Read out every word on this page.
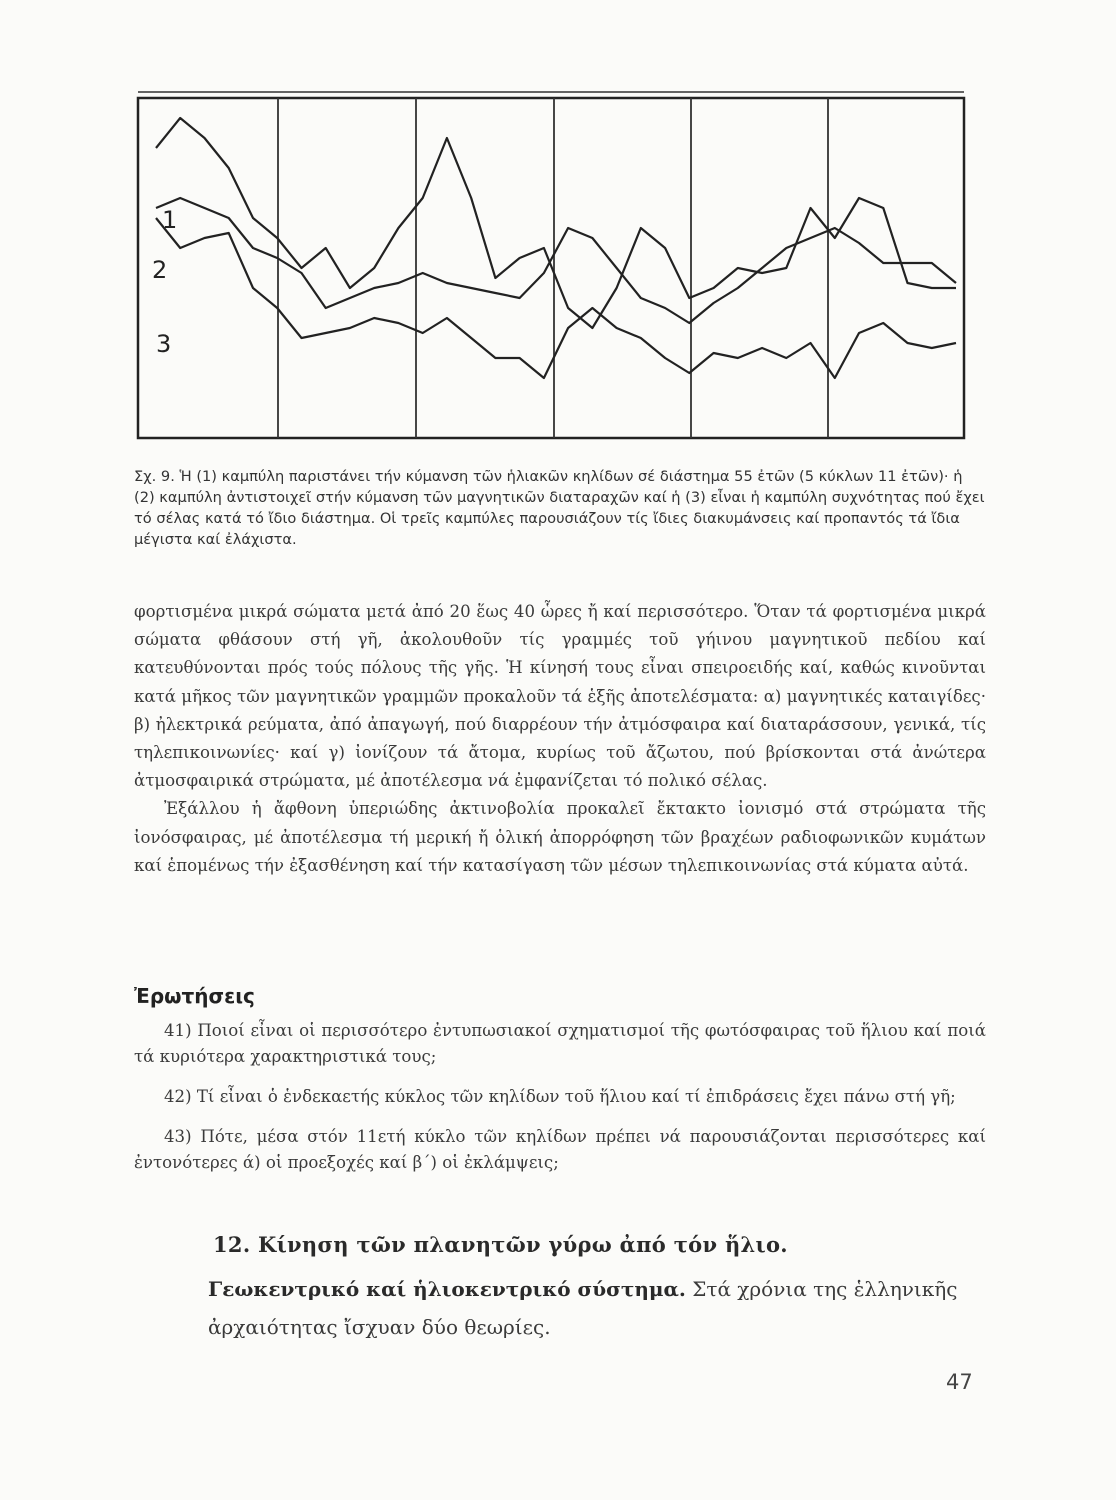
1
2
3
Σχ. 9. Ἡ (1) καμπύλη παριστάνει τήν κύμανση τῶν ἡλιακῶν κηλίδων σέ διάστημα 55 ἐτῶν (5 κύκλων 11 ἐτῶν)· ἡ (2) καμπύλη ἀντιστοιχεῖ στήν κύμανση τῶν μαγνητικῶν διαταραχῶν καί ἡ (3) εἶναι ἡ καμπύλη συχνότητας πού ἔχει τό σέλας κατά τό ἴδιο διάστημα. Οἱ τρεῖς καμπύλες παρουσιάζουν τίς ἴδιες διακυμάνσεις καί προπαντός τά ἴδια μέγιστα καί ἐλάχιστα.

φορτισμένα μικρά σώματα μετά ἀπό 20 ἕως 40 ὧρες ἤ καί περισσότερο. Ὅταν τά φορτισμένα μικρά σώματα φθάσουν στή γῆ, ἀκολουθοῦν τίς γραμμές τοῦ γήινου μαγνητικοῦ πεδίου καί κατευθύνονται πρός τούς πόλους τῆς γῆς. Ἡ κίνησή τους εἶναι σπειροειδής καί, καθώς κινοῦνται κατά μῆκος τῶν μαγνητικῶν γραμμῶν προκαλοῦν τά ἑξῆς ἀποτελέσματα: α) μαγνητικές καταιγίδες· β) ἠλεκτρικά ρεύματα, ἀπό ἀπαγωγή, πού διαρρέουν τήν ἀτμόσφαιρα καί διαταράσσουν, γενικά, τίς τηλεπικοινωνίες· καί γ) ἰονίζουν τά ἄτομα, κυρίως τοῦ ἄζωτου, πού βρίσκονται στά ἀνώτερα ἀτμοσφαιρικά στρώματα, μέ ἀποτέλεσμα νά ἐμφανίζεται τό πολικό σέλας.

Ἐξάλλου ἡ ἄφθονη ὑπεριώδης ἀκτινοβολία προκαλεῖ ἔκτακτο ἰονισμό στά στρώματα τῆς ἰονόσφαιρας, μέ ἀποτέλεσμα τή μερική ἤ ὁλική ἀπορρόφηση τῶν βραχέων ραδιοφωνικῶν κυμάτων καί ἑπομένως τήν ἐξασθένηση καί τήν κατασίγαση τῶν μέσων τηλεπικοινωνίας στά κύματα αὐτά.

Ἐρωτήσεις

41) Ποιοί εἶναι οἱ περισσότερο ἐντυπωσιακοί σχηματισμοί τῆς φωτόσφαιρας τοῦ ἥλιου καί ποιά τά κυριότερα χαρακτηριστικά τους;

42) Τί εἶναι ὁ ἑνδεκαετής κύκλος τῶν κηλίδων τοῦ ἥλιου καί τί ἐπιδράσεις ἔχει πάνω στή γῆ;

43) Πότε, μέσα στόν 11ετή κύκλο τῶν κηλίδων πρέπει νά παρουσιάζονται περισσότερες καί ἐντονότερες ά) οἱ προεξοχές καί β΄) οἱ ἐκλάμψεις;

12. Κίνηση τῶν πλανητῶν γύρω ἀπό τόν ἥλιο.
Γεωκεντρικό καί ἡλιοκεντρικό σύστημα. Στά χρόνια της ἑλληνικῆς ἀρχαιότητας ἴσχυαν δύο θεωρίες.
47
